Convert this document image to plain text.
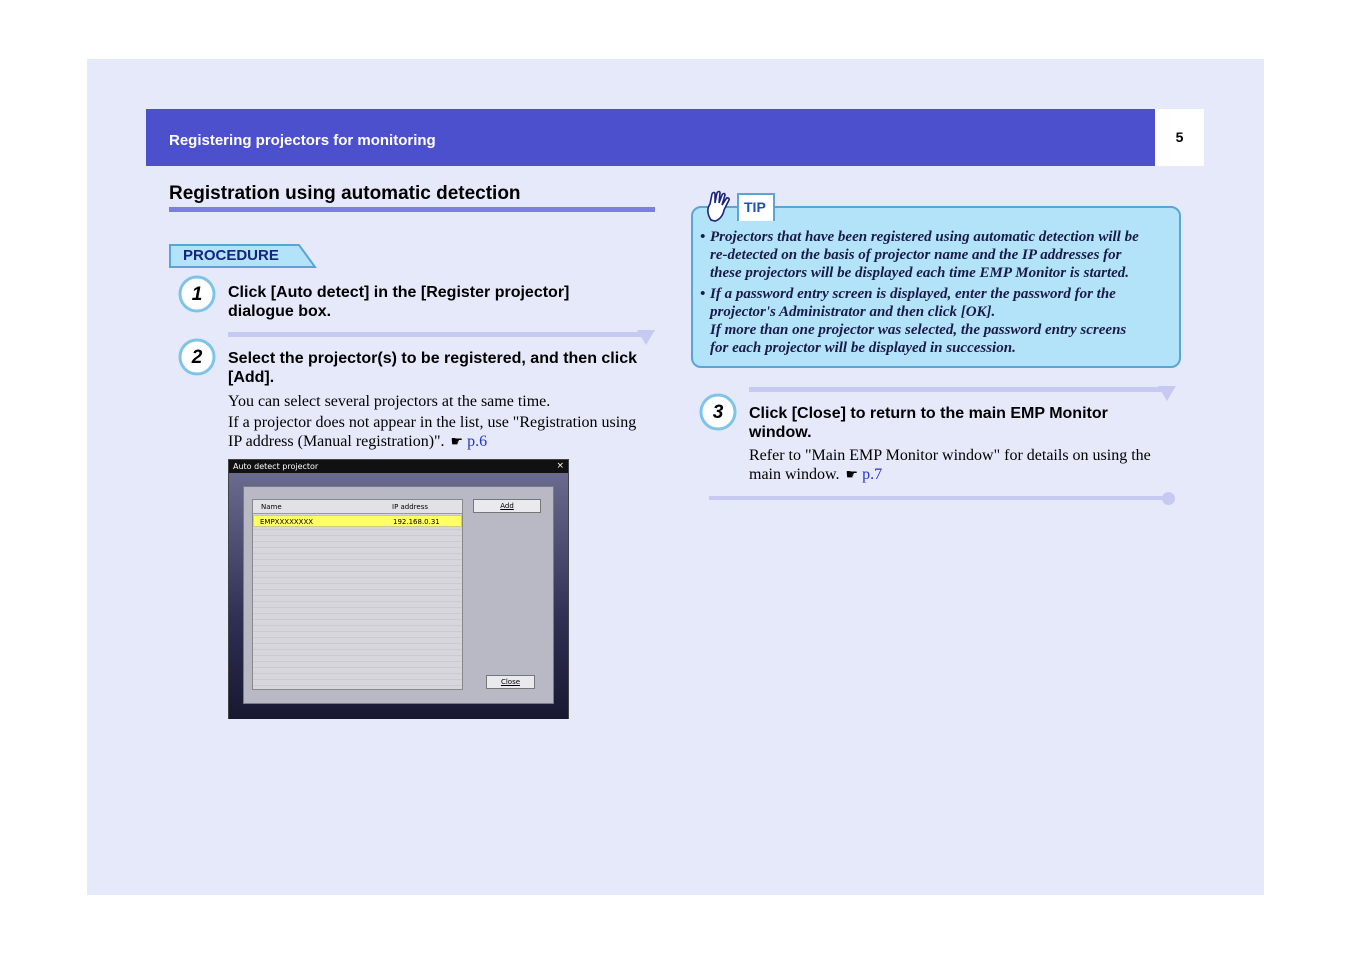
Registering projectors for monitoring	5
Registration using automatic detection
PROCEDURE
1 Click [Auto detect] in the [Register projector]
dialogue box.
2 Select the projector(s) to be registered, and then click
[Add].
You can select several projectors at the same time.
If a projector does not appear in the list, use "Registration using
IP address (Manual registration)". ☛ p.6
Auto detect projector	×
Name	IP address
EMPXXXXXXXX	192.168.0.31
Add
Close
TIP
• Projectors that have been registered using automatic detection will be
re-detected on the basis of projector name and the IP addresses for
these projectors will be displayed each time EMP Monitor is started.
• If a password entry screen is displayed, enter the password for the
projector's Administrator and then click [OK].
If more than one projector was selected, the password entry screens
for each projector will be displayed in succession.
3 Click [Close] to return to the main EMP Monitor
window.
Refer to "Main EMP Monitor window" for details on using the
main window. ☛ p.7
